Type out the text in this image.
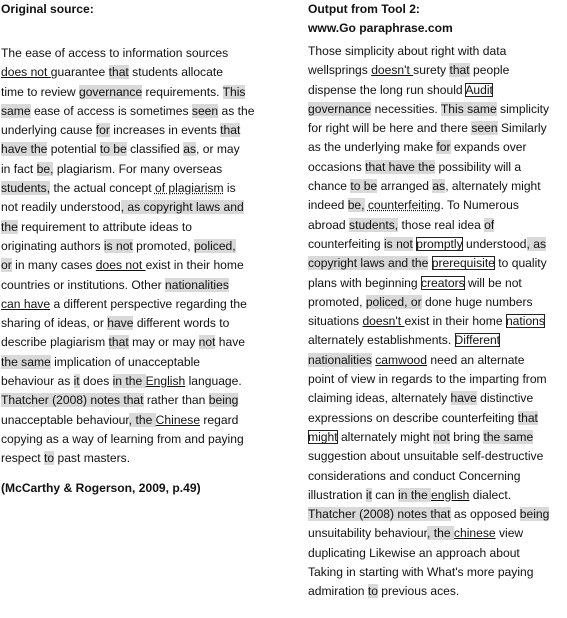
Original source:

The ease of access to information sources
does not guarantee that students allocate
time to review governance requirements. This
same ease of access is sometimes seen as the
underlying cause for increases in events that
have the potential to be classified as, or may
in fact be, plagiarism. For many overseas
students, the actual concept of plagiarism is
not readily understood, as copyright laws and
the requirement to attribute ideas to
originating authors is not promoted, policed,
or in many cases does not exist in their home
countries or institutions. Other nationalities
can have a different perspective regarding the
sharing of ideas, or have different words to
describe plagiarism that may or may not have
the same implication of unacceptable
behaviour as it does in the English language.
Thatcher (2008) notes that rather than being
unacceptable behaviour, the Chinese regard
copying as a way of learning from and paying
respect to past masters.

(McCarthy & Rogerson, 2009, p.49)

Output from Tool 2:

www.Go paraphrase.com

Those simplicity about right with data
wellsprings doesn't surety that people
dispense the long run should Audit
governance necessities. This same simplicity
for right will be here and there seen Similarly
as the underlying make for expands over
occasions that have the possibility will a
chance to be arranged as, alternately might
indeed be, counterfeiting. To Numerous
abroad students, those real idea of
counterfeiting is not promptly understood, as
copyright laws and the prerequisite to quality
plans with beginning creators will be not
promoted, policed, or done huge numbers
situations doesn't exist in their home nations
alternately establishments. Different
nationalities camwood need an alternate
point of view in regards to the imparting from
claiming ideas, alternately have distinctive
expressions on describe counterfeiting that
might alternately might not bring the same
suggestion about unsuitable self-destructive
considerations and conduct Concerning
illustration it can in the english dialect.
Thatcher (2008) notes that as opposed being
unsuitability behaviour, the chinese view
duplicating Likewise an approach about
Taking in starting with What's more paying
admiration to previous aces.
